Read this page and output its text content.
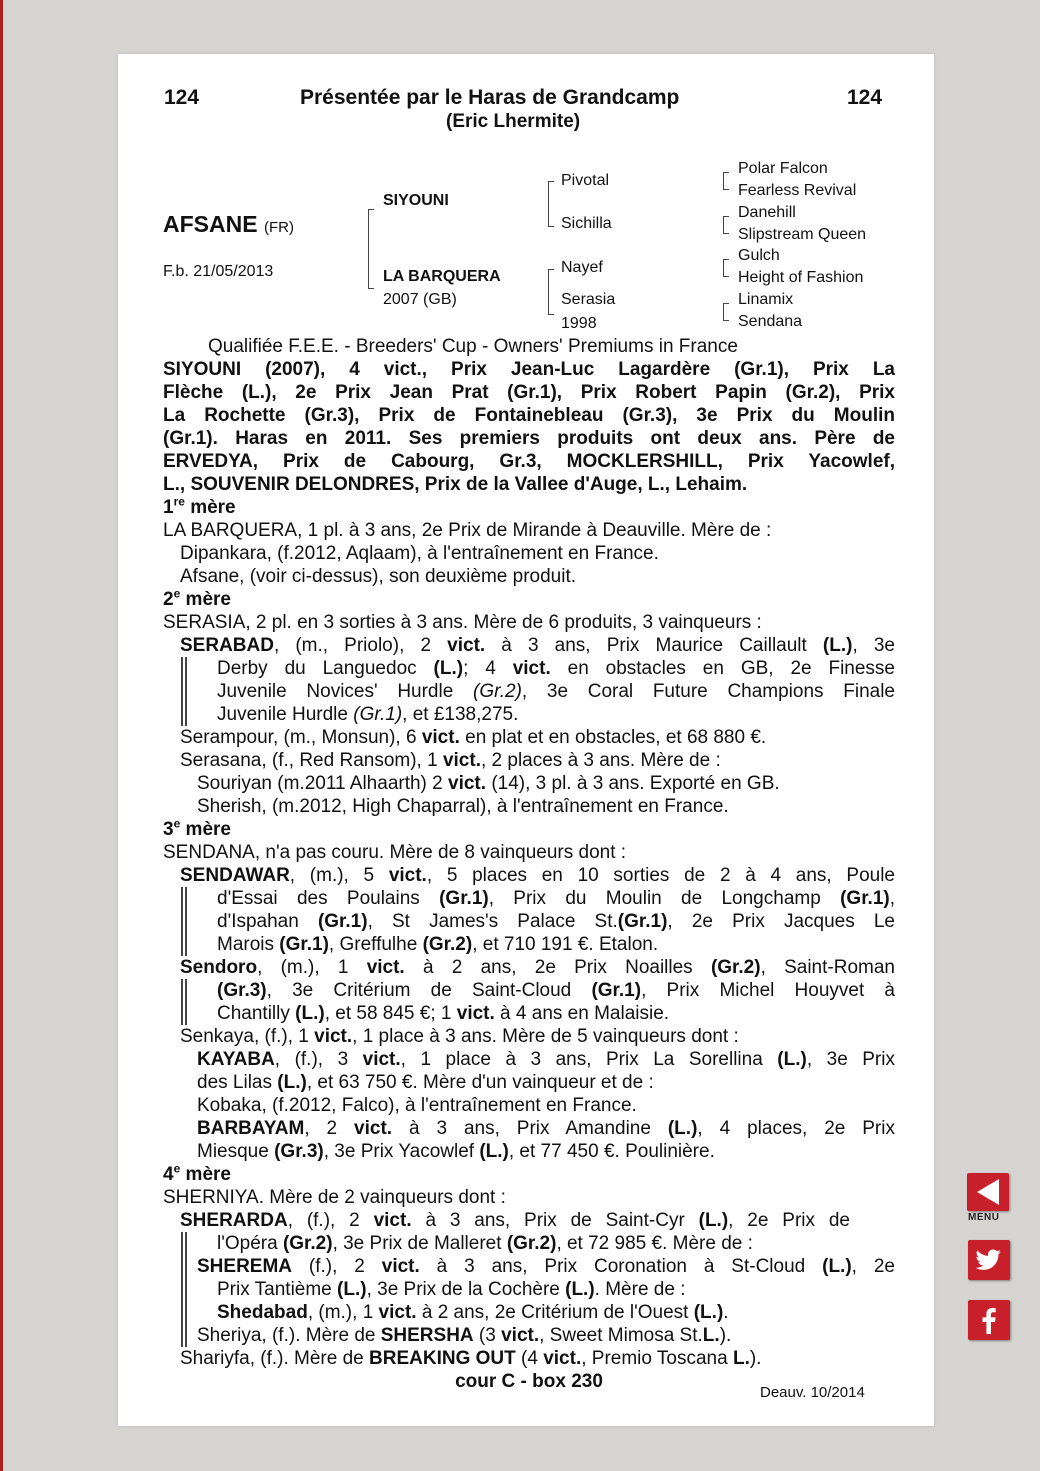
124	Présentée par le Haras de Grandcamp	124
(Eric Lhermite)
AFSANE (FR)
F.b. 21/05/2013
SIYOUNI
LA BARQUERA
2007 (GB)
Pivotal
Sichilla
Nayef
Serasia
1998
Polar Falcon
Fearless Revival
Danehill
Slipstream Queen
Gulch
Height of Fashion
Linamix
Sendana
Qualifiée F.E.E. - Breeders' Cup - Owners' Premiums in France
SIYOUNI (2007), 4 vict., Prix Jean-Luc Lagardère (Gr.1), Prix La
Flèche (L.), 2e Prix Jean Prat (Gr.1), Prix Robert Papin (Gr.2), Prix
La Rochette (Gr.3), Prix de Fontainebleau (Gr.3), 3e Prix du Moulin
(Gr.1). Haras en 2011. Ses premiers produits ont deux ans. Père de
ERVEDYA, Prix de Cabourg, Gr.3, MOCKLERSHILL, Prix Yacowlef,
L., SOUVENIR DELONDRES, Prix de la Vallee d'Auge, L., Lehaim.
1re mère
LA BARQUERA, 1 pl. à 3 ans, 2e Prix de Mirande à Deauville. Mère de :
Dipankara, (f.2012, Aqlaam), à l'entraînement en France.
Afsane, (voir ci-dessus), son deuxième produit.
2e mère
SERASIA, 2 pl. en 3 sorties à 3 ans. Mère de 6 produits, 3 vainqueurs :
SERABAD, (m., Priolo), 2 vict. à 3 ans, Prix Maurice Caillault (L.), 3e
Derby du Languedoc (L.); 4 vict. en obstacles en GB, 2e Finesse
Juvenile Novices' Hurdle (Gr.2), 3e Coral Future Champions Finale
Juvenile Hurdle (Gr.1), et £138,275.
Serampour, (m., Monsun), 6 vict. en plat et en obstacles, et 68 880 €.
Serasana, (f., Red Ransom), 1 vict., 2 places à 3 ans. Mère de :
Souriyan (m.2011 Alhaarth) 2 vict. (14), 3 pl. à 3 ans. Exporté en GB.
Sherish, (m.2012, High Chaparral), à l'entraînement en France.
3e mère
SENDANA, n'a pas couru. Mère de 8 vainqueurs dont :
SENDAWAR, (m.), 5 vict., 5 places en 10 sorties de 2 à 4 ans, Poule
d'Essai des Poulains (Gr.1), Prix du Moulin de Longchamp (Gr.1),
d'Ispahan (Gr.1), St James's Palace St.(Gr.1), 2e Prix Jacques Le
Marois (Gr.1), Greffulhe (Gr.2), et 710 191 €. Etalon.
Sendoro, (m.), 1 vict. à 2 ans, 2e Prix Noailles (Gr.2), Saint-Roman
(Gr.3), 3e Critérium de Saint-Cloud (Gr.1), Prix Michel Houyvet à
Chantilly (L.), et 58 845 €; 1 vict. à 4 ans en Malaisie.
Senkaya, (f.), 1 vict., 1 place à 3 ans. Mère de 5 vainqueurs dont :
KAYABA, (f.), 3 vict., 1 place à 3 ans, Prix La Sorellina (L.), 3e Prix
des Lilas (L.), et 63 750 €. Mère d'un vainqueur et de :
Kobaka, (f.2012, Falco), à l'entraînement en France.
BARBAYAM, 2 vict. à 3 ans, Prix Amandine (L.), 4 places, 2e Prix
Miesque (Gr.3), 3e Prix Yacowlef (L.), et 77 450 €. Poulinière.
4e mère
SHERNIYA. Mère de 2 vainqueurs dont :
SHERARDA, (f.), 2 vict. à 3 ans, Prix de Saint-Cyr (L.), 2e Prix de
l'Opéra (Gr.2), 3e Prix de Malleret (Gr.2), et 72 985 €. Mère de :
SHEREMA (f.), 2 vict. à 3 ans, Prix Coronation à St-Cloud (L.), 2e
Prix Tantième (L.), 3e Prix de la Cochère (L.). Mère de :
Shedabad, (m.), 1 vict. à 2 ans, 2e Critérium de l'Ouest (L.).
Sheriya, (f.). Mère de SHERSHA (3 vict., Sweet Mimosa St.L.).
Shariyfa, (f.). Mère de BREAKING OUT (4 vict., Premio Toscana L.).
cour C - box 230
Deauv. 10/2014
MENU
